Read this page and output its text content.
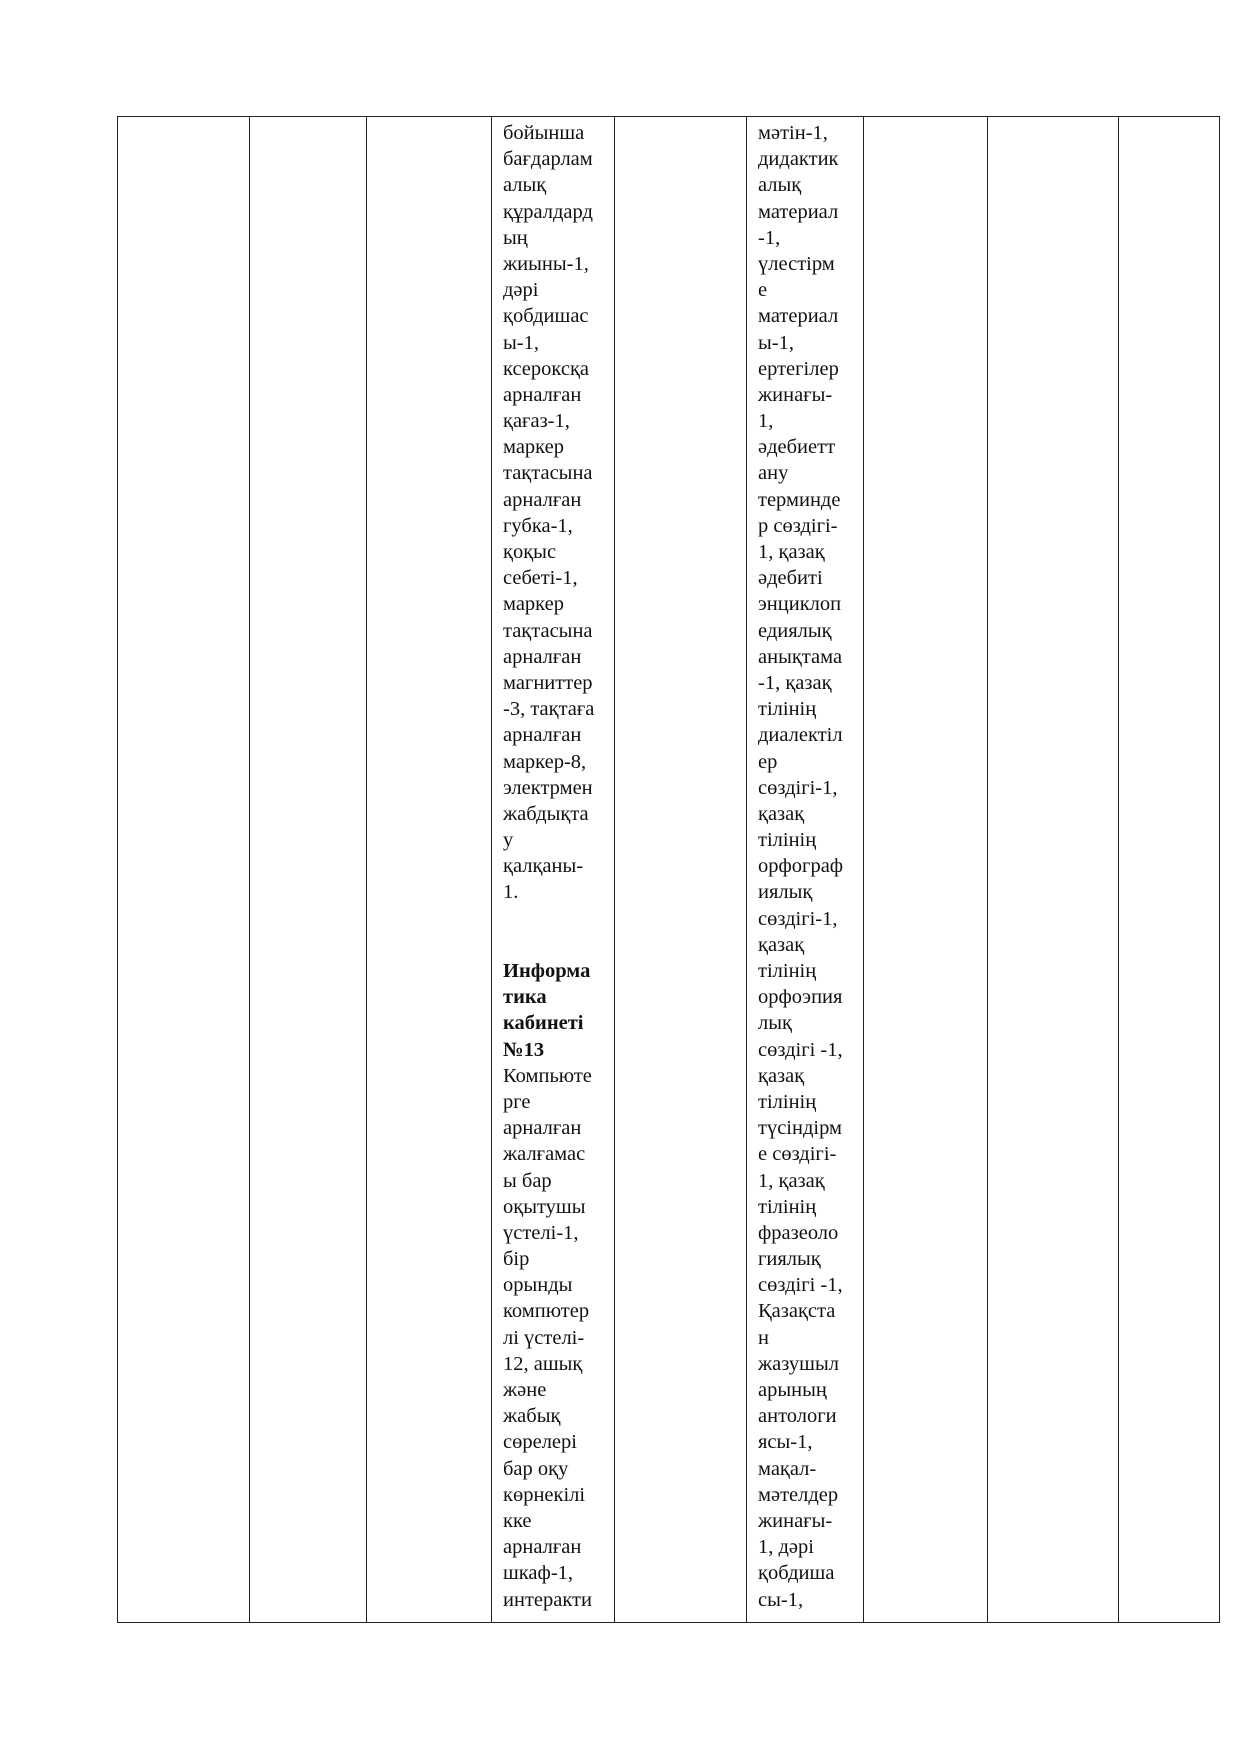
бойынша
бағдарлам
алық
құралдард
ың
жиыны-1,
дәрі
қобдишас
ы-1,
ксероксқа
арналған
қағаз-1,
маркер
тақтасына
арналған
губка-1,
қоқыс
себеті-1,
маркер
тақтасына
арналған
магниттер
-3, тақтаға
арналған
маркер-8,
электрмен
жабдықта
у
қалқаны-
1.
Информа
тика
кабинеті
№13
Компьюте
рге
арналған
жалғамас
ы бар
оқытушы
үстелі-1,
бір
орынды
компютер
лі үстелі-
12, ашық
және
жабық
сөрелері
бар оқу
көрнекілі
кке
арналған
шкаф-1,
интеракти
мәтін-1,
дидактик
алық
материал
-1,
үлестірм
е
материал
ы-1,
ертегілер
жинағы-
1,
әдебиетт
ану
терминде
р сөздігі-
1, қазақ
әдебиті
энциклоп
едиялық
анықтама
-1, қазақ
тілінің
диалектіл
ер
сөздігі-1,
қазақ
тілінің
орфограф
иялық
сөздігі-1,
қазақ
тілінің
орфоэпия
лық
сөздігі -1,
қазақ
тілінің
түсіндірм
е сөздігі-
1, қазақ
тілінің
фразеоло
гиялық
сөздігі -1,
Қазақста
н
жазушыл
арының
антологи
ясы-1,
мақал-
мәтелдер
жинағы-
1, дәрі
қобдиша
сы-1,
